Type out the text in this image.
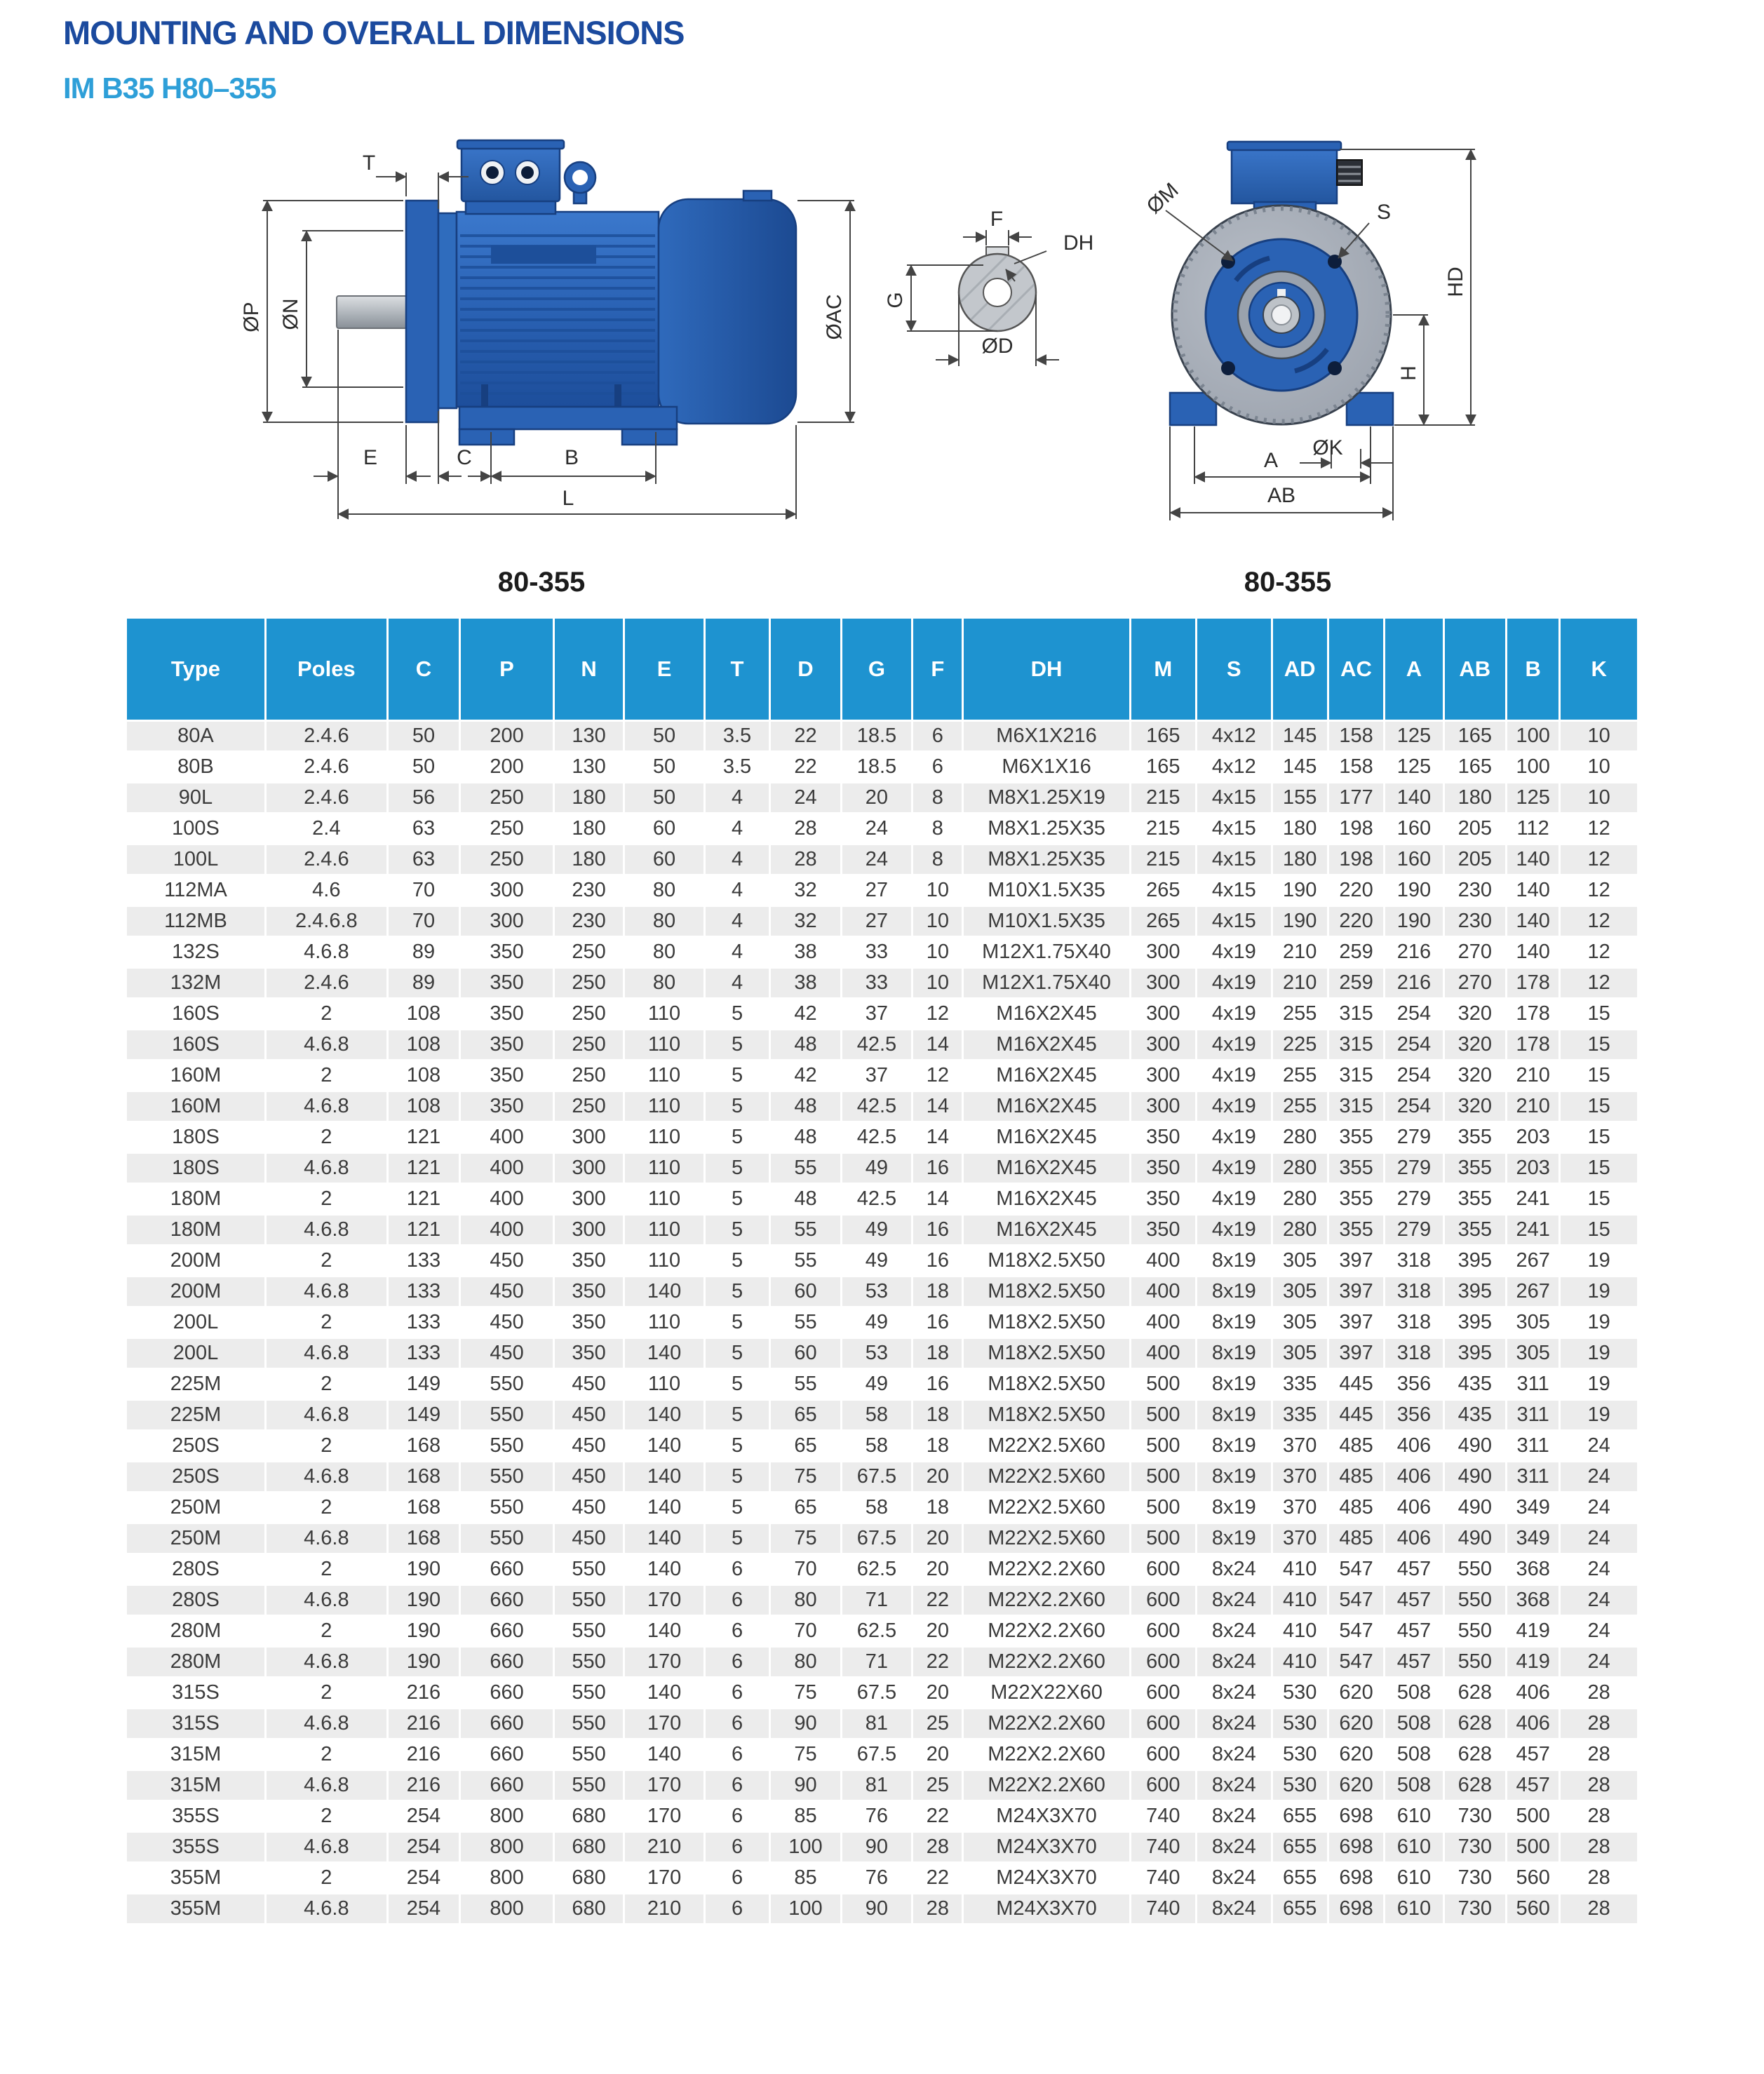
MOUNTING AND OVERALL DIMENSIONS
IM B35 H80–355
T
ØP ØN	ØAC
E	C	B
L
F
DH
G
ØD
ØM	S
HD
H
ØK
A
AB
80-355	80-355
Type	Poles	C	P	N	E	T	D	G	F	DH	M	S	AD	AC	A	AB	B	K
80A	2.4.6	50	200	130	50	3.5	22	18.5	6	M6X1X216	165	4x12	145	158	125	165	100	10
80B	2.4.6	50	200	130	50	3.5	22	18.5	6	M6X1X16	165	4x12	145	158	125	165	100	10
90L	2.4.6	56	250	180	50	4	24	20	8	M8X1.25X19	215	4x15	155	177	140	180	125	10
100S	2.4	63	250	180	60	4	28	24	8	M8X1.25X35	215	4x15	180	198	160	205	112	12
100L	2.4.6	63	250	180	60	4	28	24	8	M8X1.25X35	215	4x15	180	198	160	205	140	12
112MA	4.6	70	300	230	80	4	32	27	10	M10X1.5X35	265	4x15	190	220	190	230	140	12
112MB	2.4.6.8	70	300	230	80	4	32	27	10	M10X1.5X35	265	4x15	190	220	190	230	140	12
132S	4.6.8	89	350	250	80	4	38	33	10	M12X1.75X40	300	4x19	210	259	216	270	140	12
132M	2.4.6	89	350	250	80	4	38	33	10	M12X1.75X40	300	4x19	210	259	216	270	178	12
160S	2	108	350	250	110	5	42	37	12	M16X2X45	300	4x19	255	315	254	320	178	15
160S	4.6.8	108	350	250	110	5	48	42.5	14	M16X2X45	300	4x19	225	315	254	320	178	15
160M	2	108	350	250	110	5	42	37	12	M16X2X45	300	4x19	255	315	254	320	210	15
160M	4.6.8	108	350	250	110	5	48	42.5	14	M16X2X45	300	4x19	255	315	254	320	210	15
180S	2	121	400	300	110	5	48	42.5	14	M16X2X45	350	4x19	280	355	279	355	203	15
180S	4.6.8	121	400	300	110	5	55	49	16	M16X2X45	350	4x19	280	355	279	355	203	15
180M	2	121	400	300	110	5	48	42.5	14	M16X2X45	350	4x19	280	355	279	355	241	15
180M	4.6.8	121	400	300	110	5	55	49	16	M16X2X45	350	4x19	280	355	279	355	241	15
200M	2	133	450	350	110	5	55	49	16	M18X2.5X50	400	8x19	305	397	318	395	267	19
200M	4.6.8	133	450	350	140	5	60	53	18	M18X2.5X50	400	8x19	305	397	318	395	267	19
200L	2	133	450	350	110	5	55	49	16	M18X2.5X50	400	8x19	305	397	318	395	305	19
200L	4.6.8	133	450	350	140	5	60	53	18	M18X2.5X50	400	8x19	305	397	318	395	305	19
225M	2	149	550	450	110	5	55	49	16	M18X2.5X50	500	8x19	335	445	356	435	311	19
225M	4.6.8	149	550	450	140	5	65	58	18	M18X2.5X50	500	8x19	335	445	356	435	311	19
250S	2	168	550	450	140	5	65	58	18	M22X2.5X60	500	8x19	370	485	406	490	311	24
250S	4.6.8	168	550	450	140	5	75	67.5	20	M22X2.5X60	500	8x19	370	485	406	490	311	24
250M	2	168	550	450	140	5	65	58	18	M22X2.5X60	500	8x19	370	485	406	490	349	24
250M	4.6.8	168	550	450	140	5	75	67.5	20	M22X2.5X60	500	8x19	370	485	406	490	349	24
280S	2	190	660	550	140	6	70	62.5	20	M22X2.2X60	600	8x24	410	547	457	550	368	24
280S	4.6.8	190	660	550	170	6	80	71	22	M22X2.2X60	600	8x24	410	547	457	550	368	24
280M	2	190	660	550	140	6	70	62.5	20	M22X2.2X60	600	8x24	410	547	457	550	419	24
280M	4.6.8	190	660	550	170	6	80	71	22	M22X2.2X60	600	8x24	410	547	457	550	419	24
315S	2	216	660	550	140	6	75	67.5	20	M22X22X60	600	8x24	530	620	508	628	406	28
315S	4.6.8	216	660	550	170	6	90	81	25	M22X2.2X60	600	8x24	530	620	508	628	406	28
315M	2	216	660	550	140	6	75	67.5	20	M22X2.2X60	600	8x24	530	620	508	628	457	28
315M	4.6.8	216	660	550	170	6	90	81	25	M22X2.2X60	600	8x24	530	620	508	628	457	28
355S	2	254	800	680	170	6	85	76	22	M24X3X70	740	8x24	655	698	610	730	500	28
355S	4.6.8	254	800	680	210	6	100	90	28	M24X3X70	740	8x24	655	698	610	730	500	28
355M	2	254	800	680	170	6	85	76	22	M24X3X70	740	8x24	655	698	610	730	560	28
355M	4.6.8	254	800	680	210	6	100	90	28	M24X3X70	740	8x24	655	698	610	730	560	28
